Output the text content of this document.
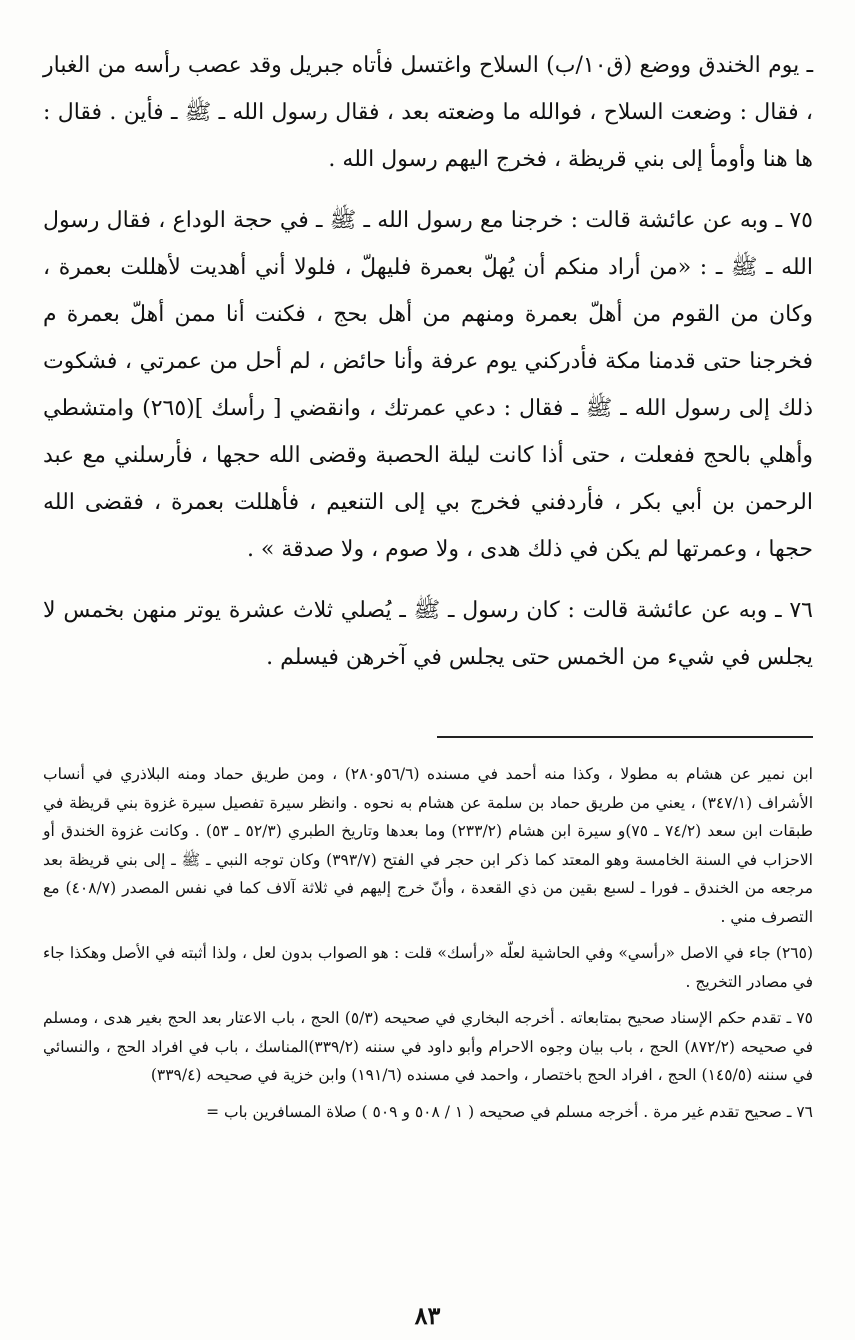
ـ يوم الخندق ووضع (ق١٠/ب) السلاح واغتسل فأتاه جبريل وقد عصب رأسه من الغبار ، فقال : وضعت السلاح ، فوالله ما وضعته بعد ، فقال رسول الله ـ ﷺ ـ فأين . فقال : ها هنا وأومأ إلى بني قريظة ، فخرج اليهم رسول الله .

٧٥ ـ وبه عن عائشة قالت : خرجنا مع رسول الله ـ ﷺ ـ في حجة الوداع ، فقال رسول الله ـ ﷺ ـ : «من أراد منكم أن يُهلّ بعمرة فليهلّ ، فلولا أني أهديت لأهللت بعمرة ، وكان من القوم من أهلّ بعمرة ومنهم من أهل بحج ، فكنت أنا ممن أهلّ بعمرة م فخرجنا حتى قدمنا مكة فأدركني يوم عرفة وأنا حائض ، لم أحل من عمرتي ، فشكوت ذلك إلى رسول الله ـ ﷺ ـ فقال : دعي عمرتك ، وانقضي [ رأسك ](٢٦٥) وامتشطي وأهلي بالحج ففعلت ، حتى أذا كانت ليلة الحصبة وقضى الله حجها ، فأرسلني مع عبد الرحمن بن أبي بكر ، فأردفني فخرج بي إلى التنعيم ، فأهللت بعمرة ، فقضى الله حجها ، وعمرتها لم يكن في ذلك هدى ، ولا صوم ، ولا صدقة » .

٧٦ ـ وبه عن عائشة قالت : كان رسول ـ ﷺ ـ يُصلي ثلاث عشرة يوتر منهن بخمس لا يجلس في شيء من الخمس حتى يجلس في آخرهن فيسلم .

ابن نمير عن هشام به مطولا ، وكذا منه أحمد في مسنده (٥٦/٦و٢٨٠) ، ومن طريق حماد ومنه البلاذري في أنساب الأشراف (٣٤٧/١) ، يعني من طريق حماد بن سلمة عن هشام به نحوه . وانظر سيرة تفصيل سيرة غزوة بني قريظة في طبقات ابن سعد (٧٤/٢ ـ ٧٥)و سيرة ابن هشام (٢٣٣/٢) وما بعدها وتاريخ الطبري (٥٢/٣ ـ ٥٣) . وكانت غزوة الخندق أو الاحزاب في السنة الخامسة وهو المعتد كما ذكر ابن حجر في الفتح (٣٩٣/٧) وكان توجه النبي ـ ﷺ ـ إلى بني قريظة بعد مرجعه من الخندق ـ فورا ـ لسبع بقين من ذي القعدة ، وأنّ خرج إليهم في ثلاثة آلاف كما في نفس المصدر (٤٠٨/٧) مع التصرف مني .

(٢٦٥) جاء في الاصل «رأسي» وفي الحاشية لعلّه «رأسك» قلت : هو الصواب بدون لعل ، ولذا أثبته في الأصل وهكذا جاء في مصادر التخريج .

٧٥ ـ تقدم حكم الإسناد صحيح بمتابعاته . أخرجه البخاري في صحيحه (٥/٣) الحج ، باب الاعتار بعد الحج بغير هدى ، ومسلم في صحيحه (٨٧٢/٢) الحج ، باب بيان وجوه الاحرام وأبو داود في سننه (٣٣٩/٢)المناسك ، باب في افراد الحج ، والنسائي في سننه (١٤٥/٥) الحج ، افراد الحج باختصار ، واحمد في مسنده (١٩١/٦) وابن خزية في صحيحه (٣٣٩/٤)

٧٦ ـ صحيح تقدم غير مرة . أخرجه مسلم في صحيحه ( ١ / ٥٠٨ و ٥٠٩ ) صلاة المسافرين باب =

٨٣
